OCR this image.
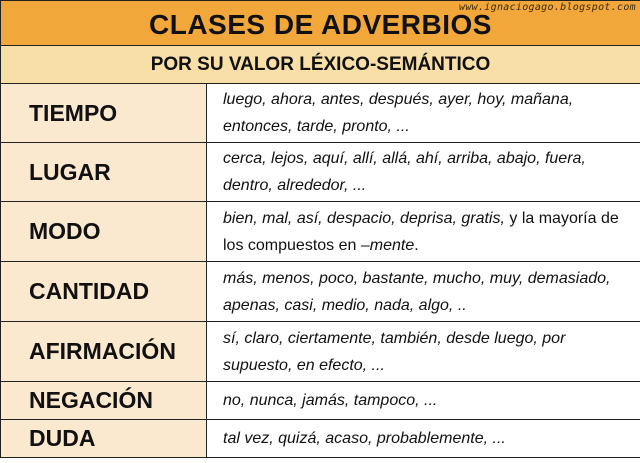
CLASES DE ADVERBIOS
www.ignaciogago.blogspot.com	

POR SU VALOR LÉXICO-SEMÁNTICO	
TIEMPO	luego, ahora, antes, después, ayer, hoy, mañana, entonces, tarde, pronto, ...

LUGAR	cerca, lejos, aquí, allí, allá, ahí, arriba, abajo, fuera, dentro, alrededor, ...

MODO	bien, mal, así, despacio, deprisa, gratis, y la mayoría de los compuestos en –mente.

CANTIDAD	más, menos, poco, bastante, mucho, muy, demasiado, apenas, casi, medio, nada, algo, ..

AFIRMACIÓN	sí, claro, ciertamente, también, desde luego, por supuesto, en efecto, ...

NEGACIÓN	no, nunca, jamás, tampoco, ...

DUDA	tal vez, quizá, acaso, probablemente, ...
